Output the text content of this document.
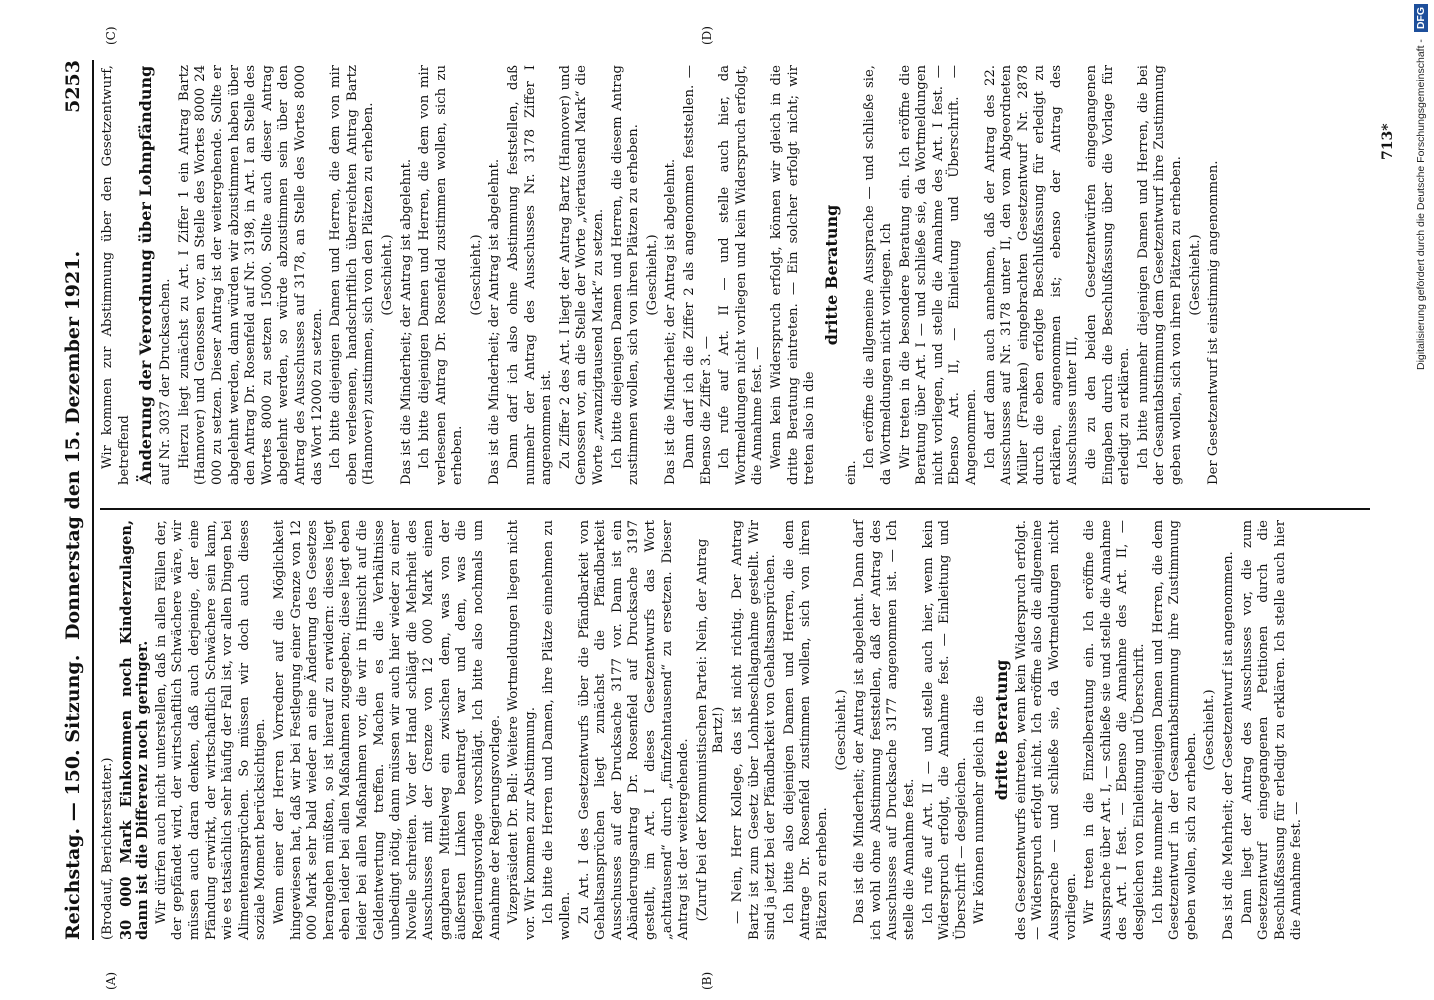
Reichstag. — 150. Sitzung.
Donnerstag den 15. Dezember 1921.
5253
(A)	(B)
(C)	(D)

(Brodauf, Berichterstatter.) 30 000 Mark Einkommen noch Kinderzulagen, dann ist die Differenz noch geringer. Wir dürfen auch nicht unterstellen, daß in allen Fällen der, der gepfändet wird, der wirtschaftlich Schwächere wäre, wir müssen auch daran denken, daß auch derjenige, der eine Pfändung erwirkt, der wirtschaftlich Schwächere sein kann, wie es tatsächlich sehr häufig der Fall ist, vor allen Dingen bei Alimentenansprüchen. So müssen wir doch auch dieses soziale Moment berücksichtigen. Wenn einer der Herren Vorredner auf die Möglichkeit hingewiesen hat, daß wir bei Festlegung einer Grenze von 12 000 Mark sehr bald wieder an eine Änderung des Gesetzes herangehen müßten, so ist hierauf zu erwidern: dieses liegt eben leider bei allen Maßnahmen zugegeben; diese liegt eben leider bei allen Maßnahmen vor, die wir in Hinsicht auf die Geldentwertung treffen. Machen es die Verhältnisse unbedingt nötig, dann müssen wir auch hier wieder zu einer Novelle schreiten. Vor der Hand schlägt die Mehrheit des Ausschusses mit der Grenze von 12 000 Mark einen gangbaren Mittelweg ein zwischen dem, was von der äußersten Linken beantragt war und dem, was die Regierungsvorlage vorschlägt. Ich bitte also nochmals um Annahme der Regierungsvorlage. Vizepräsident Dr. Bell: Weitere Wortmeldungen liegen nicht vor. Wir kommen zur Abstimmung. Ich bitte die Herren und Damen, ihre Plätze einnehmen zu wollen. Zu Art. I des Gesetzentwurfs über die Pfändbarkeit von Gehaltsansprüchen liegt zunächst die Pfändbarkeit Ausschusses auf der Drucksache 3177 vor. Dann ist ein Abänderungsantrag Dr. Rosenfeld auf Drucksache 3197 gestellt, im Art. I dieses Gesetzentwurfs das Wort „achttausend“ durch „fünfzehntausend“ zu ersetzen. Dieser Antrag ist der weitergehende. (Zuruf bei der Kommunistischen Partei: Nein, der Antrag Bartz!) — Nein, Herr Kollege, das ist nicht richtig. Der Antrag Bartz ist zum Gesetz über Lohnbeschlagnahme gestellt. Wir sind ja jetzt bei der Pfändbarkeit von Gehaltsansprüchen. Ich bitte also diejenigen Damen und Herren, die dem Antrage Dr. Rosenfeld zustimmen wollen, sich von ihren Plätzen zu erheben.

(Geschieht.) Das ist die Minderheit; der Antrag ist abgelehnt. Dann darf ich wohl ohne Abstimmung feststellen, daß der Antrag des Ausschusses auf Drucksache 3177 angenommen ist. — Ich stelle die Annahme fest. Ich rufe auf Art. II — und stelle auch hier, wenn kein Widerspruch erfolgt, die Annahme fest. — Einleitung und Überschrift — desgleichen. Wir können nunmehr gleich in die dritte Beratung des Gesetzentwurfs eintreten, wenn kein Widerspruch erfolgt. — Widerspruch erfolgt nicht. Ich eröffne also die allgemeine Aussprache — und schließe sie, da Wortmeldungen nicht vorliegen. Wir treten in die Einzelberatung ein. Ich eröffne die Aussprache über Art. I, — schließe sie und stelle die Annahme des Art. I fest. — Ebenso die Annahme des Art. II, — desgleichen von Einleitung und Überschrift. Ich bitte nunmehr diejenigen Damen und Herren, die dem Gesetzentwurf in der Gesamtabstimmung ihre Zustimmung geben wollen, sich zu erheben.

(Geschieht.) Das ist die Mehrheit; der Gesetzentwurf ist angenommen. Dann liegt der Antrag des Ausschusses vor, die zum Gesetzentwurf eingegangenen Petitionen durch die Beschlußfassung für erledigt zu erklären. Ich stelle auch hier die Annahme fest. —

Wir kommen zur Abstimmung über den Gesetzentwurf, betreffend Änderung der Verordnung über Lohnpfändung auf Nr. 3037 der Drucksachen. Hierzu liegt zunächst zu Art. I Ziffer 1 ein Antrag Bartz (Hannover) und Genossen vor, an Stelle des Wortes 8000 24 000 zu setzen. Dieser Antrag ist der weitergehende. Sollte er abgelehnt werden, dann würden wir abzustimmen haben über den Antrag Dr. Rosenfeld auf Nr. 3198, in Art. I an Stelle des Wortes 8000 zu setzen 15000. Sollte auch dieser Antrag abgelehnt werden, so würde abzustimmen sein über den Antrag des Ausschusses auf 3178, an Stelle des Wortes 8000 das Wort 12000 zu setzen. Ich bitte diejenigen Damen und Herren, die dem von mir eben verlesenen, handschriftlich überreichten Antrag Bartz (Hannover) zustimmen, sich von den Plätzen zu erheben. (Geschieht.) Das ist die Minderheit; der Antrag ist abgelehnt. Ich bitte diejenigen Damen und Herren, die dem von mir verlesenen Antrag Dr. Rosenfeld zustimmen wollen, sich zu erheben.

(Geschieht.) Das ist die Minderheit; der Antrag ist abgelehnt. Dann darf ich also ohne Abstimmung feststellen, daß nunmehr der Antrag des Ausschusses Nr. 3178 Ziffer I angenommen ist. Zu Ziffer 2 des Art. I liegt der Antrag Bartz (Hannover) und Genossen vor, an die Stelle der Worte „viertausend Mark“ die Worte „zwanzigtausend Mark“ zu setzen. Ich bitte diejenigen Damen und Herren, die diesem Antrag zustimmen wollen, sich von ihren Plätzen zu erheben. (Geschieht.) Das ist die Minderheit; der Antrag ist abgelehnt. Dann darf ich die Ziffer 2 als angenommen feststellen. — Ebenso die Ziffer 3. — Ich rufe auf Art. II — und stelle auch hier, da Wortmeldungen nicht vorliegen und kein Widerspruch erfolgt, die Annahme fest. — Wenn kein Widerspruch erfolgt, können wir gleich in die dritte Beratung eintreten. — Ein solcher erfolgt nicht; wir treten also in die

dritte Beratung

ein.

Ich eröffne die allgemeine Aussprache — und schließe sie, da Wortmeldungen nicht vorliegen. Ich Wir treten in die besondere Beratung ein. Ich eröffne die Beratung über Art. I — und schließe sie, da Wortmeldungen nicht vorliegen, und stelle die Annahme des Art. I fest. — Ebenso Art. II, — Einleitung und Überschrift. — Angenommen. Ich darf dann auch annehmen, daß der Antrag des 22. Ausschusses auf Nr. 3178 unter II, den vom Abgeordneten Müller (Franken) eingebrachten Gesetzentwurf Nr. 2878 durch die eben erfolgte Beschlußfassung für erledigt zu erklären, angenommen ist; ebenso der Antrag des Ausschusses unter III, die zu den beiden Gesetzentwürfen eingegangenen Eingaben durch die Beschlußfassung über die Vorlage für erledigt zu erklären. Ich bitte nunmehr diejenigen Damen und Herren, die bei der Gesamtabstimmung dem Gesetzentwurf ihre Zustimmung geben wollen, sich von ihren Plätzen zu erheben. (Geschieht.) Der Gesetzentwurf ist einstimmig angenommen.

713*	Digitalisierung gefördert durch die Deutsche Forschungsgemeinschaft - DFG
